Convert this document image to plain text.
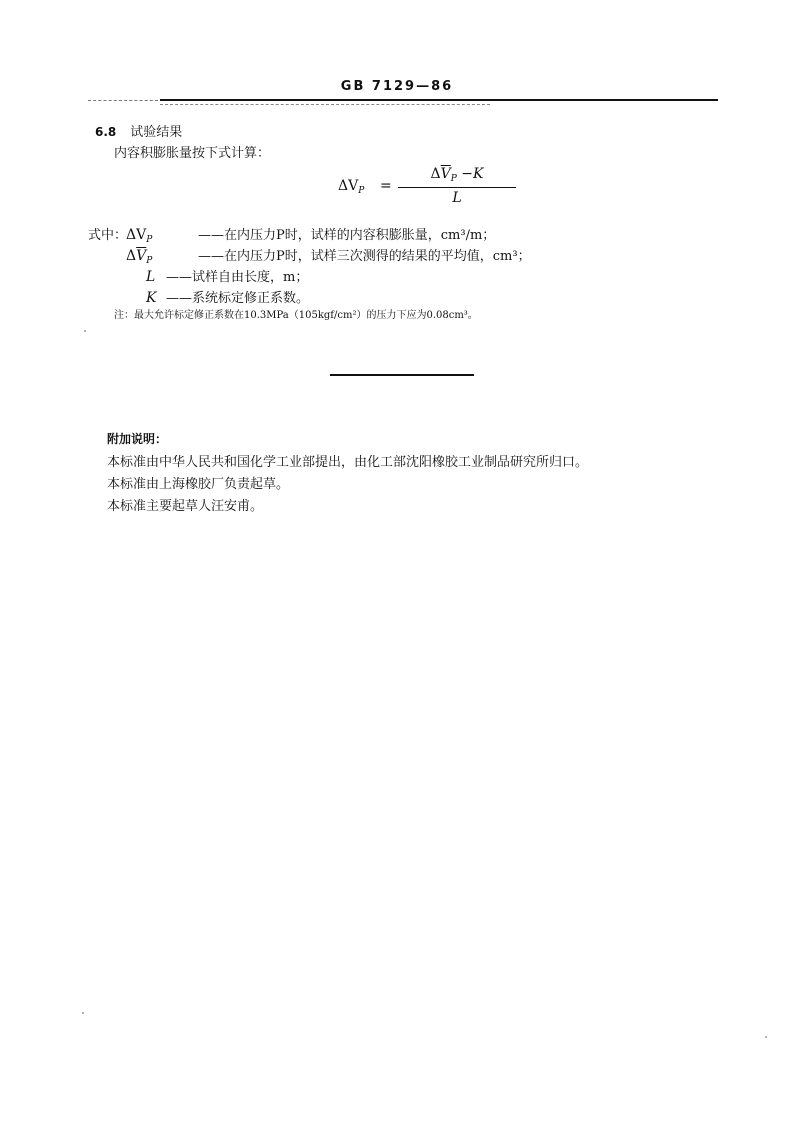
GB 7129—86
6.8 试验结果
内容积膨胀量按下式计算：
$\Delta V_P$ =
$\Delta\overline{V}_P -K$
L
式中：$\Delta V_P$	——在内压力P时，试样的内容积膨胀量，cm³/m；
$\Delta\overline{V}_P$	——在内压力P时，试样三次测得的结果的平均值，cm³；
L ——试样自由长度，m；
K ——系统标定修正系数。
注：最大允许标定修正系数在10.3MPa（105kgf/cm²）的压力下应为0.08cm³。
附加说明：
本标准由中华人民共和国化学工业部提出，由化工部沈阳橡胶工业制品研究所归口。
本标准由上海橡胶厂负责起草。
本标准主要起草人汪安甫。
